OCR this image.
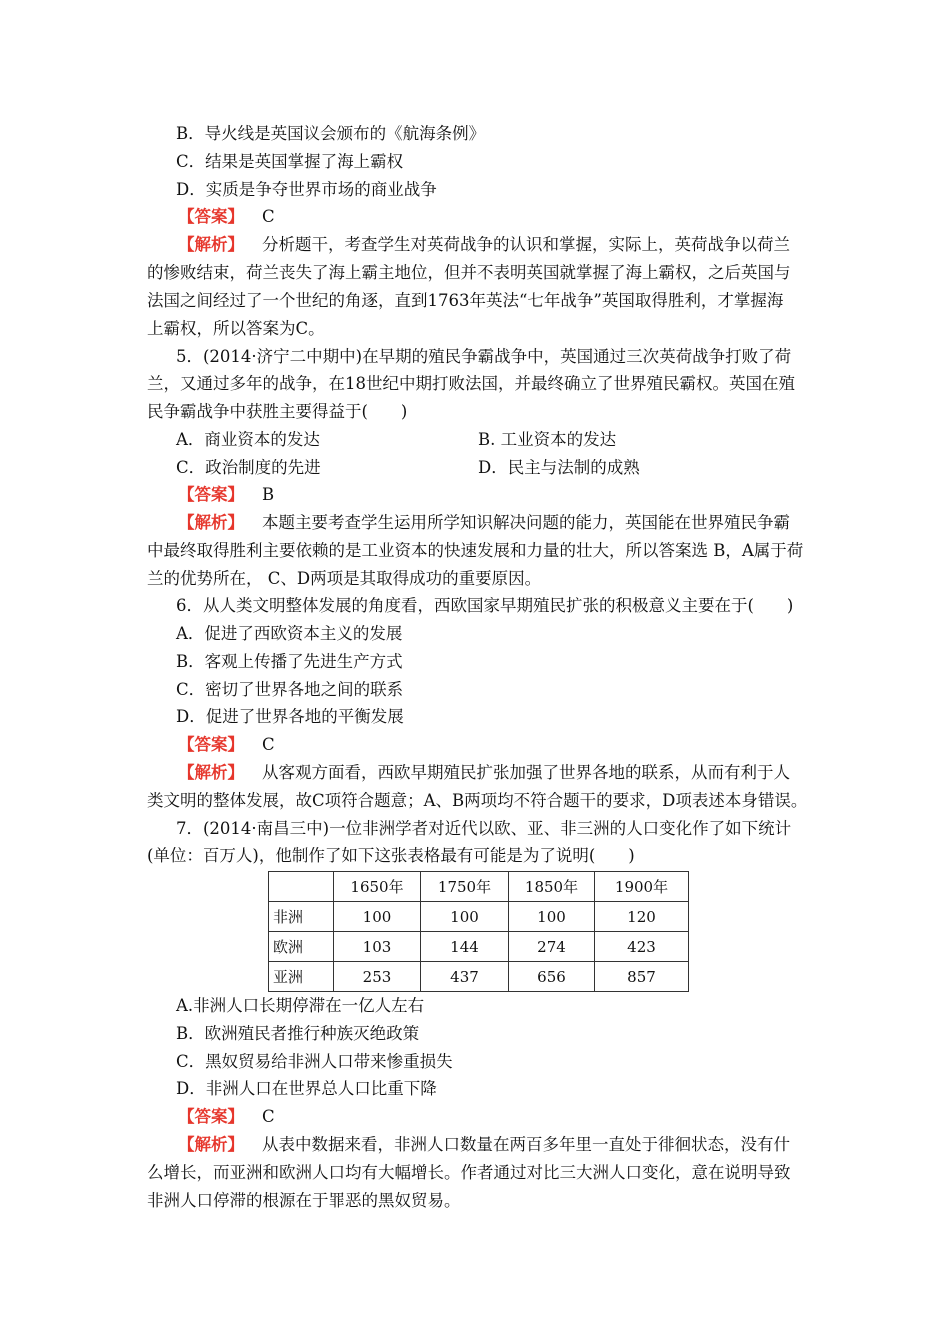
B．导火线是英国议会颁布的《航海条例》
C．结果是英国掌握了海上霸权
D．实质是争夺世界市场的商业战争
【答案】 C
【解析】 分析题干，考查学生对英荷战争的认识和掌握，实际上，英荷战争以荷兰
的惨败结束，荷兰丧失了海上霸主地位，但并不表明英国就掌握了海上霸权，之后英国与
法国之间经过了一个世纪的角逐，直到1763年英法“七年战争”英国取得胜利，才掌握海
上霸权，所以答案为C。
5．(2014·济宁二中期中)在早期的殖民争霸战争中，英国通过三次英荷战争打败了荷
兰，又通过多年的战争，在18世纪中期打败法国，并最终确立了世界殖民霸权。英国在殖
民争霸战争中获胜主要得益于(　　)
A．商业资本的发达	B. 工业资本的发达
C．政治制度的先进	D．民主与法制的成熟
【答案】 B
【解析】 本题主要考查学生运用所学知识解决问题的能力，英国能在世界殖民争霸
中最终取得胜利主要依赖的是工业资本的快速发展和力量的壮大，所以答案选 B，A属于荷
兰的优势所在， C、D两项是其取得成功的重要原因。
6．从人类文明整体发展的角度看，西欧国家早期殖民扩张的积极意义主要在于(　　)
A．促进了西欧资本主义的发展
B．客观上传播了先进生产方式
C．密切了世界各地之间的联系
D．促进了世界各地的平衡发展
【答案】 C
【解析】 从客观方面看，西欧早期殖民扩张加强了世界各地的联系，从而有利于人
类文明的整体发展，故C项符合题意；A、B两项均不符合题干的要求，D项表述本身错误。
7．(2014·南昌三中)一位非洲学者对近代以欧、亚、非三洲的人口变化作了如下统计
(单位：百万人)，他制作了如下这张表格最有可能是为了说明(　　)
	1650年	1750年	1850年	1900年
非洲	100	100	100	120
欧洲	103	144	274	423
亚洲	253	437	656	857
A.非洲人口长期停滞在一亿人左右
B．欧洲殖民者推行种族灭绝政策
C．黑奴贸易给非洲人口带来惨重损失
D．非洲人口在世界总人口比重下降
【答案】 C
【解析】 从表中数据来看，非洲人口数量在两百多年里一直处于徘徊状态，没有什
么增长，而亚洲和欧洲人口均有大幅增长。作者通过对比三大洲人口变化，意在说明导致
非洲人口停滞的根源在于罪恶的黑奴贸易。
